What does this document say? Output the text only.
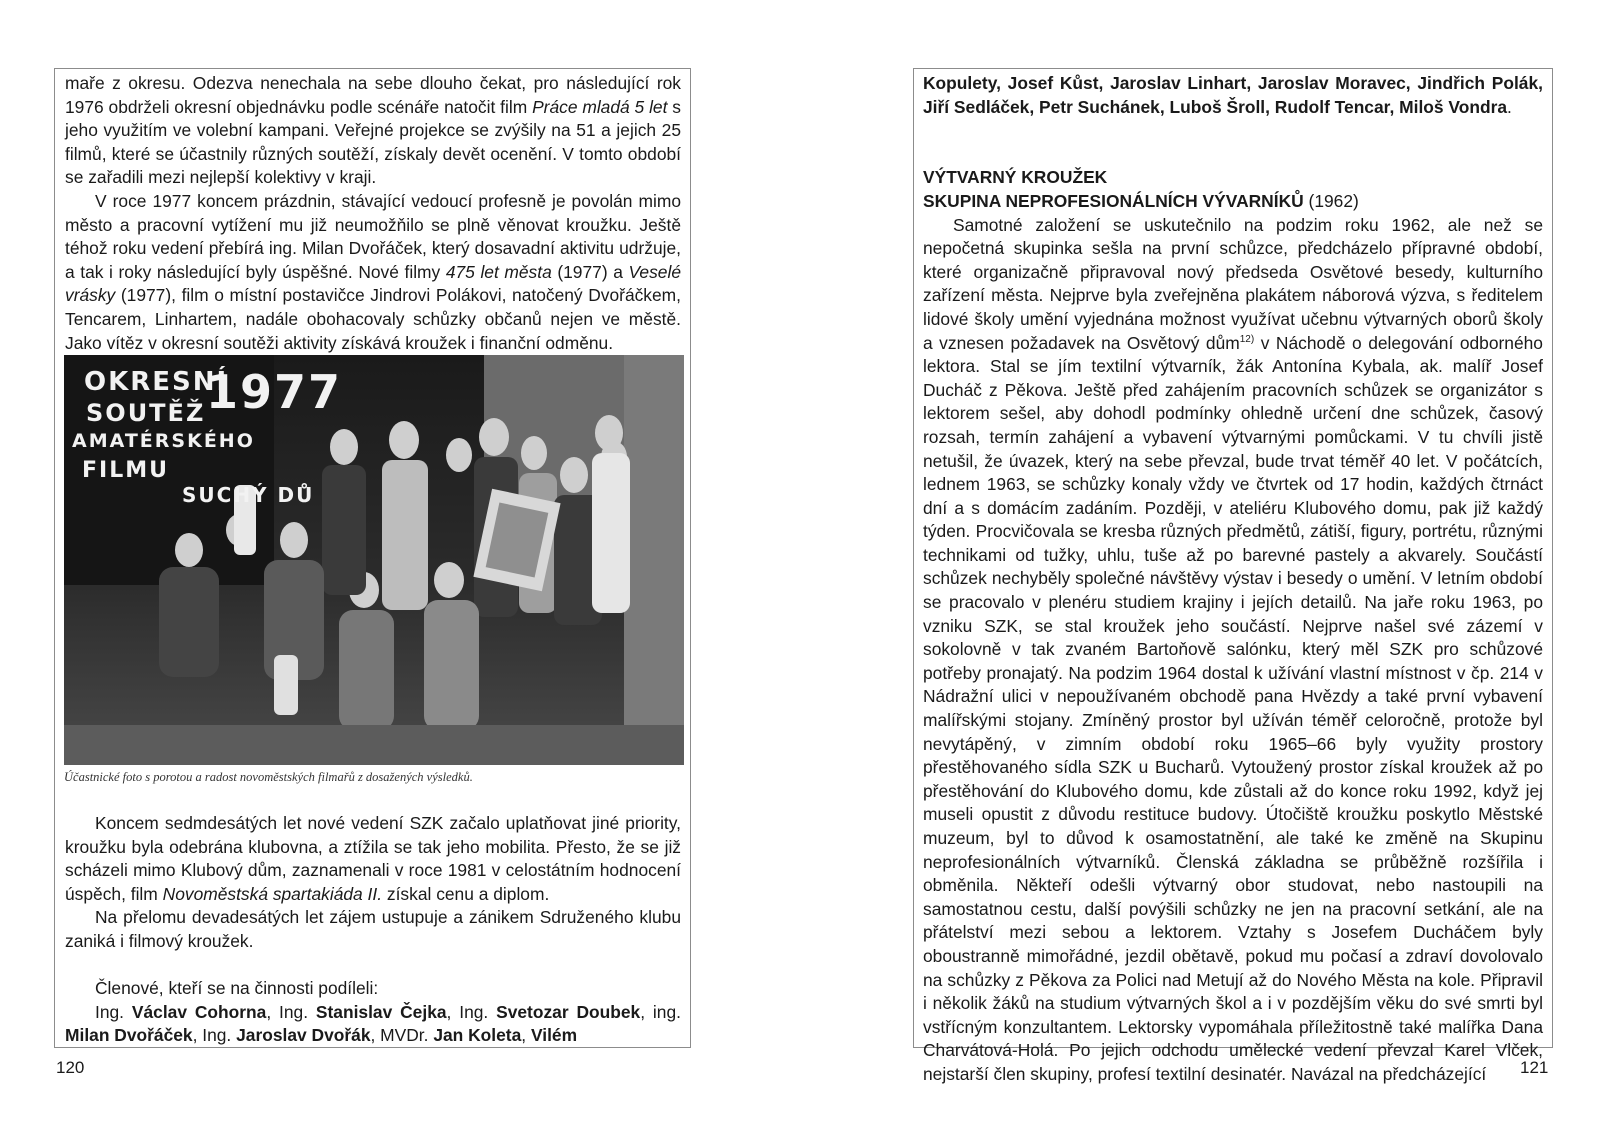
maře z okresu. Odezva nenechala na sebe dlouho čekat, pro následující rok 1976 obdrželi okresní objednávku podle scénáře natočit film Práce mladá 5 let s jeho využitím ve volební kampani. Veřejné projekce se zvýšily na 51 a jejich 25 filmů, které se účastnily různých soutěží, získaly devět ocenění. V tomto období se zařadili mezi nejlepší kolektivy v kraji.

V roce 1977 koncem prázdnin, stávající vedoucí profesně je povolán mimo město a pracovní vytížení mu již neumožňilo se plně věnovat kroužku. Ještě téhož roku vedení přebírá ing. Milan Dvořáček, který dosavadní aktivitu udržuje, a tak i roky následující byly úspěšné. Nové filmy 475 let města (1977) a Veselé vrásky (1977), film o místní postavičce Jindrovi Polákovi, natočený Dvořáčkem, Tencarem, Linhartem, nadále obohacovaly schůzky občanů nejen ve městě. Jako vítěz v okresní soutěži aktivity získává kroužek i finanční odměnu.

OKRESNÍ
SOUTĚŽ
AMATÉRSKÉHO
FILMU
1977
SUCHÝ DŮ
Účastnické foto s porotou a radost novoměstských filmařů z dosažených výsledků.

Koncem sedmdesátých let nové vedení SZK začalo uplatňovat jiné priority, kroužku byla odebrána klubovna, a ztížila se tak jeho mobilita. Přesto, že se již scházeli mimo Klubový dům, zaznamenali v roce 1981 v celostátním hodnocení úspěch, film Novoměstská spartakiáda II. získal cenu a diplom.

Na přelomu devadesátých let zájem ustupuje a zánikem Sdruženého klubu zaniká i filmový kroužek.

Členové, kteří se na činnosti podíleli:

Ing. Václav Cohorna, Ing. Stanislav Čejka, Ing. Svetozar Doubek, ing. Milan Dvořáček, Ing. Jaroslav Dvořák, MVDr. Jan Koleta, Vilém

120

Kopulety, Josef Kůst, Jaroslav Linhart, Jaroslav Moravec, Jindřich Polák, Jiří Sedláček, Petr Suchánek, Luboš Šroll, Rudolf Tencar, Miloš Vondra.

VÝTVARNÝ KROUŽEK

SKUPINA NEPROFESIONÁLNÍCH VÝVARNÍKŮ (1962)

Samotné založení se uskutečnilo na podzim roku 1962, ale než se nepočetná skupinka sešla na první schůzce, předcházelo přípravné období, které organizačně připravoval nový předseda Osvětové besedy, kulturního zařízení města. Nejprve byla zveřejněna plakátem náborová výzva, s ředitelem lidové školy umění vyjednána možnost využívat učebnu výtvarných oborů školy a vznesen požadavek na Osvětový dům$^{12)}$ v Náchodě o delegování odborného lektora. Stal se jím textilní výtvarník, žák Antonína Kybala, ak. malíř Josef Ducháč z Pěkova. Ještě před zahájením pracovních schůzek se organizátor s lektorem sešel, aby dohodl podmínky ohledně určení dne schůzek, časový rozsah, termín zahájení a vybavení výtvarnými pomůckami. V tu chvíli jistě netušil, že úvazek, který na sebe převzal, bude trvat téměř 40 let. V počátcích, lednem 1963, se schůzky konaly vždy ve čtvrtek od 17 hodin, každých čtrnáct dní a s domácím zadáním. Později, v ateliéru Klubového domu, pak již každý týden. Procvičovala se kresba různých předmětů, zátiší, figury, portrétu, různými technikami od tužky, uhlu, tuše až po barevné pastely a akvarely. Součástí schůzek nechyběly společné návštěvy výstav i besedy o umění. V letním období se pracovalo v plenéru studiem krajiny i jejích detailů. Na jaře roku 1963, po vzniku SZK, se stal kroužek jeho součástí. Nejprve našel své zázemí v sokolovně v tak zvaném Bartoňově salónku, který měl SZK pro schůzové potřeby pronajatý. Na podzim 1964 dostal k užívání vlastní místnost v čp. 214 v Nádražní ulici v nepoužívaném obchodě pana Hvězdy a také první vybavení malířskými stojany. Zmíněný prostor byl užíván téměř celoročně, protože byl nevytápěný, v zimním období roku 1965–66 byly využity prostory přestěhovaného sídla SZK u Bucharů. Vytoužený prostor získal kroužek až po přestěhování do Klubového domu, kde zůstali až do konce roku 1992, když jej museli opustit z důvodu restituce budovy. Útočiště kroužku poskytlo Městské muzeum, byl to důvod k osamostatnění, ale také ke změně na Skupinu neprofesionálních výtvarníků. Členská základna se průběžně rozšířila i obměnila. Někteří odešli výtvarný obor studovat, nebo nastoupili na samostatnou cestu, další povýšili schůzky ne jen na pracovní setkání, ale na přátelství mezi sebou a lektorem. Vztahy s Josefem Ducháčem byly oboustranně mimořádné, jezdil obětavě, pokud mu počasí a zdraví dovolovalo na schůzky z Pěkova za Polici nad Metují až do Nového Města na kole. Připravil i několik žáků na studium výtvarných škol a i v pozdějším věku do své smrti byl vstřícným konzultantem. Lektorsky vypomáhala příležitostně také malířka Dana Charvátová-Holá. Po jejich odchodu umělecké vedení převzal Karel Vlček, nejstarší člen skupiny, profesí textilní desinatér. Navázal na předcházející	121
